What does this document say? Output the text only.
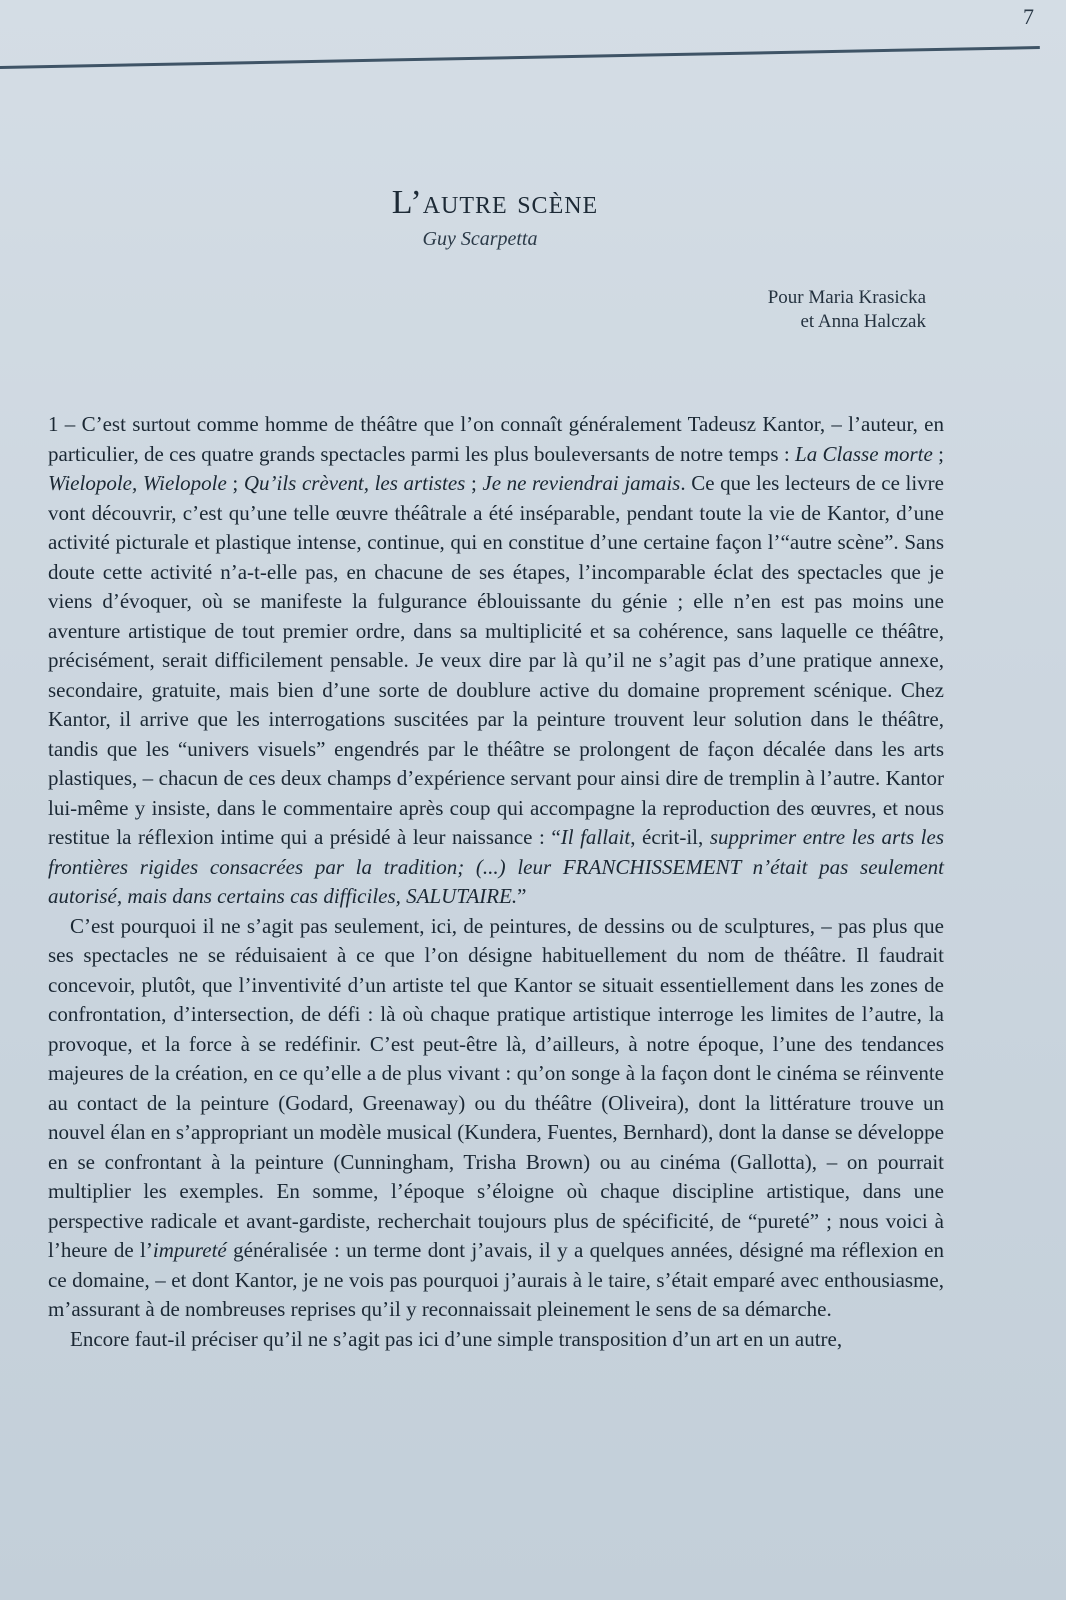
7
L’autre scène
Guy Scarpetta
Pour Maria Krasicka
et Anna Halczak

1 – C’est surtout comme homme de théâtre que l’on connaît généralement Tadeusz Kantor, – l’auteur, en particulier, de ces quatre grands spectacles parmi les plus bouleversants de notre temps : La Classe morte ; Wielopole, Wielopole ; Qu’ils crèvent, les artistes ; Je ne reviendrai jamais. Ce que les lecteurs de ce livre vont découvrir, c’est qu’une telle œuvre théâtrale a été inséparable, pendant toute la vie de Kantor, d’une activité picturale et plastique intense, continue, qui en constitue d’une certaine façon l’“autre scène”. Sans doute cette activité n’a-t-elle pas, en chacune de ses étapes, l’incomparable éclat des spectacles que je viens d’évoquer, où se manifeste la fulgurance éblouissante du génie ; elle n’en est pas moins une aventure artistique de tout premier ordre, dans sa multiplicité et sa cohérence, sans laquelle ce théâtre, précisément, serait difficilement pensable. Je veux dire par là qu’il ne s’agit pas d’une pratique annexe, secondaire, gratuite, mais bien d’une sorte de doublure active du domaine proprement scénique. Chez Kantor, il arrive que les interrogations suscitées par la peinture trouvent leur solution dans le théâtre, tandis que les “univers visuels” engendrés par le théâtre se prolongent de façon décalée dans les arts plastiques, – chacun de ces deux champs d’expérience servant pour ainsi dire de tremplin à l’autre. Kantor lui-même y insiste, dans le commentaire après coup qui accompagne la reproduction des œuvres, et nous restitue la réflexion intime qui a présidé à leur naissance : “Il fallait, écrit-il, supprimer entre les arts les frontières rigides consacrées par la tradition; (...) leur FRANCHISSEMENT n’était pas seulement autorisé, mais dans certains cas difficiles, SALUTAIRE.”

C’est pourquoi il ne s’agit pas seulement, ici, de peintures, de dessins ou de sculptures, – pas plus que ses spectacles ne se réduisaient à ce que l’on désigne habituellement du nom de théâtre. Il faudrait concevoir, plutôt, que l’inventivité d’un artiste tel que Kantor se situait essentiellement dans les zones de confrontation, d’intersection, de défi : là où chaque pratique artistique interroge les limites de l’autre, la provoque, et la force à se redéfinir. C’est peut-être là, d’ailleurs, à notre époque, l’une des tendances majeures de la création, en ce qu’elle a de plus vivant : qu’on songe à la façon dont le cinéma se réinvente au contact de la peinture (Godard, Greenaway) ou du théâtre (Oliveira), dont la littérature trouve un nouvel élan en s’appropriant un modèle musical (Kundera, Fuentes, Bernhard), dont la danse se développe en se confrontant à la peinture (Cunningham, Trisha Brown) ou au cinéma (Gallotta), – on pourrait multiplier les exemples. En somme, l’époque s’éloigne où chaque discipline artistique, dans une perspective radicale et avant-gardiste, recherchait toujours plus de spécificité, de “pureté” ; nous voici à l’heure de l’impureté généralisée : un terme dont j’avais, il y a quelques années, désigné ma réflexion en ce domaine, – et dont Kantor, je ne vois pas pourquoi j’aurais à le taire, s’était emparé avec enthousiasme, m’assurant à de nombreuses reprises qu’il y reconnaissait pleinement le sens de sa démarche.

Encore faut-il préciser qu’il ne s’agit pas ici d’une simple transposition d’un art en un autre,
